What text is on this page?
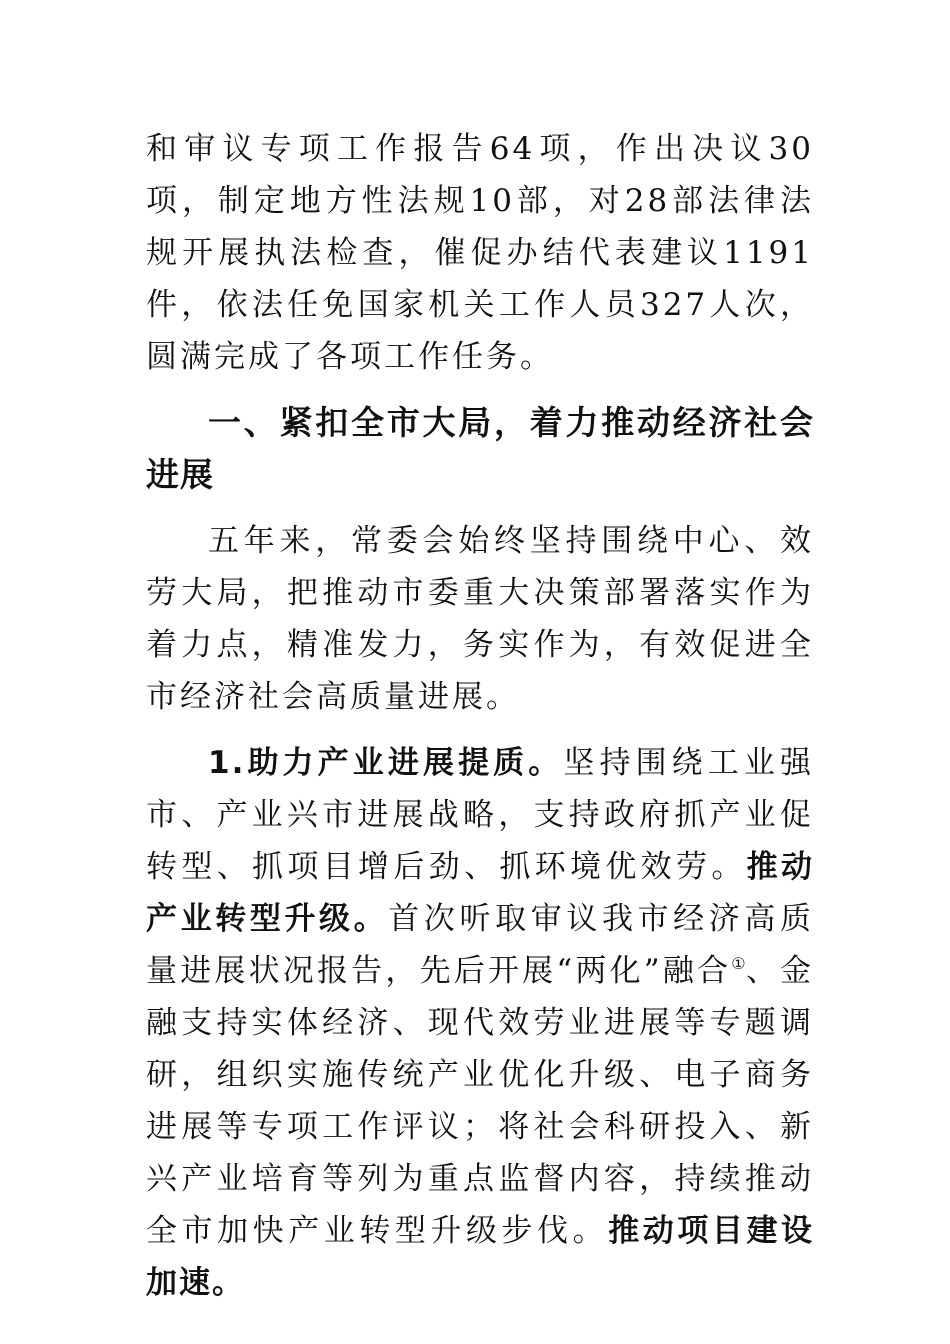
和审议专项工作报告64项，作出决议30项，制定地方性法规10部，对28部法律法规开展执法检查，催促办结代表建议1191件，依法任免国家机关工作人员327人次，圆满完成了各项工作任务。

一、紧扣全市大局，着力推动经济社会进展

五年来，常委会始终坚持围绕中心、效劳大局，把推动市委重大决策部署落实作为着力点，精准发力，务实作为，有效促进全市经济社会高质量进展。

1.助力产业进展提质。坚持围绕工业强市、产业兴市进展战略，支持政府抓产业促转型、抓项目增后劲、抓环境优效劳。推动产业转型升级。首次听取审议我市经济高质量进展状况报告，先后开展“两化”融合①、金融支持实体经济、现代效劳业进展等专题调研，组织实施传统产业优化升级、电子商务进展等专项工作评议；将社会科研投入、新兴产业培育等列为重点监督内容，持续推动全市加快产业转型升级步伐。推动项目建设加速。
